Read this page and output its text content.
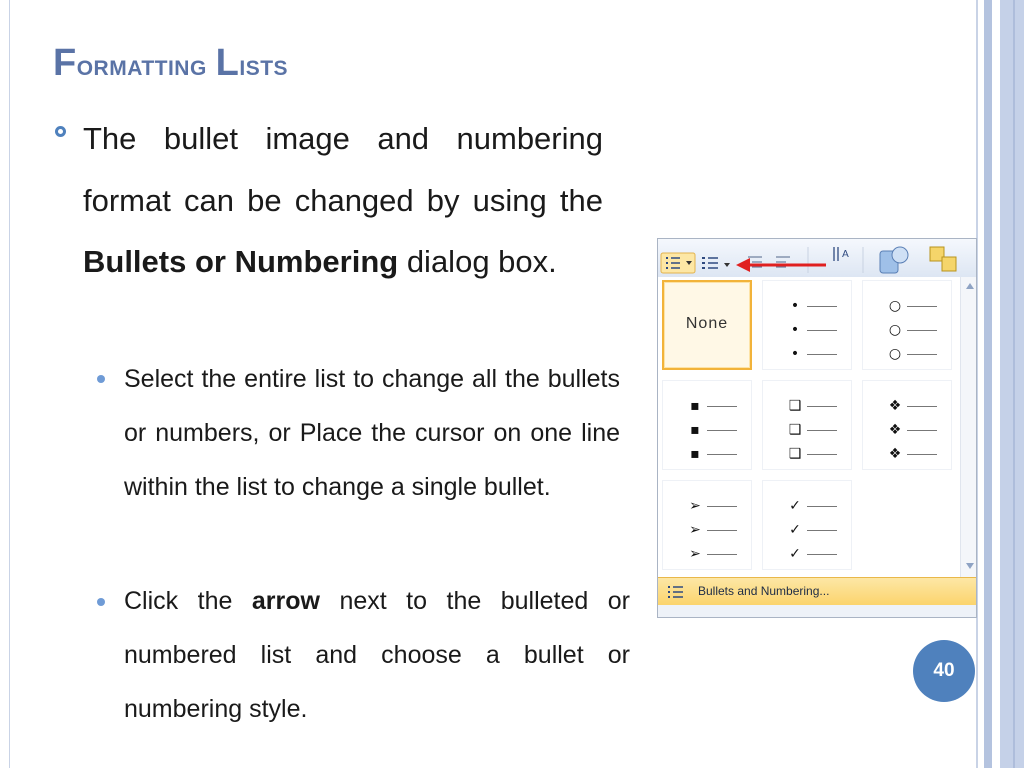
Formatting Lists
The bullet image and numbering format can be changed by using the Bullets or Numbering dialog box.
Select the entire list to change all the bullets or numbers, or Place the cursor on one line within the list to change a single bullet.
Click the arrow next to the bulleted or numbered list and choose a bullet or numbering style.
A
None
•
•
•
○
○
○
▪
▪
▪
❑
❑
❑
❖
❖
❖
➢
➢
➢
✓
✓
✓
Bullets and Numbering...
40
